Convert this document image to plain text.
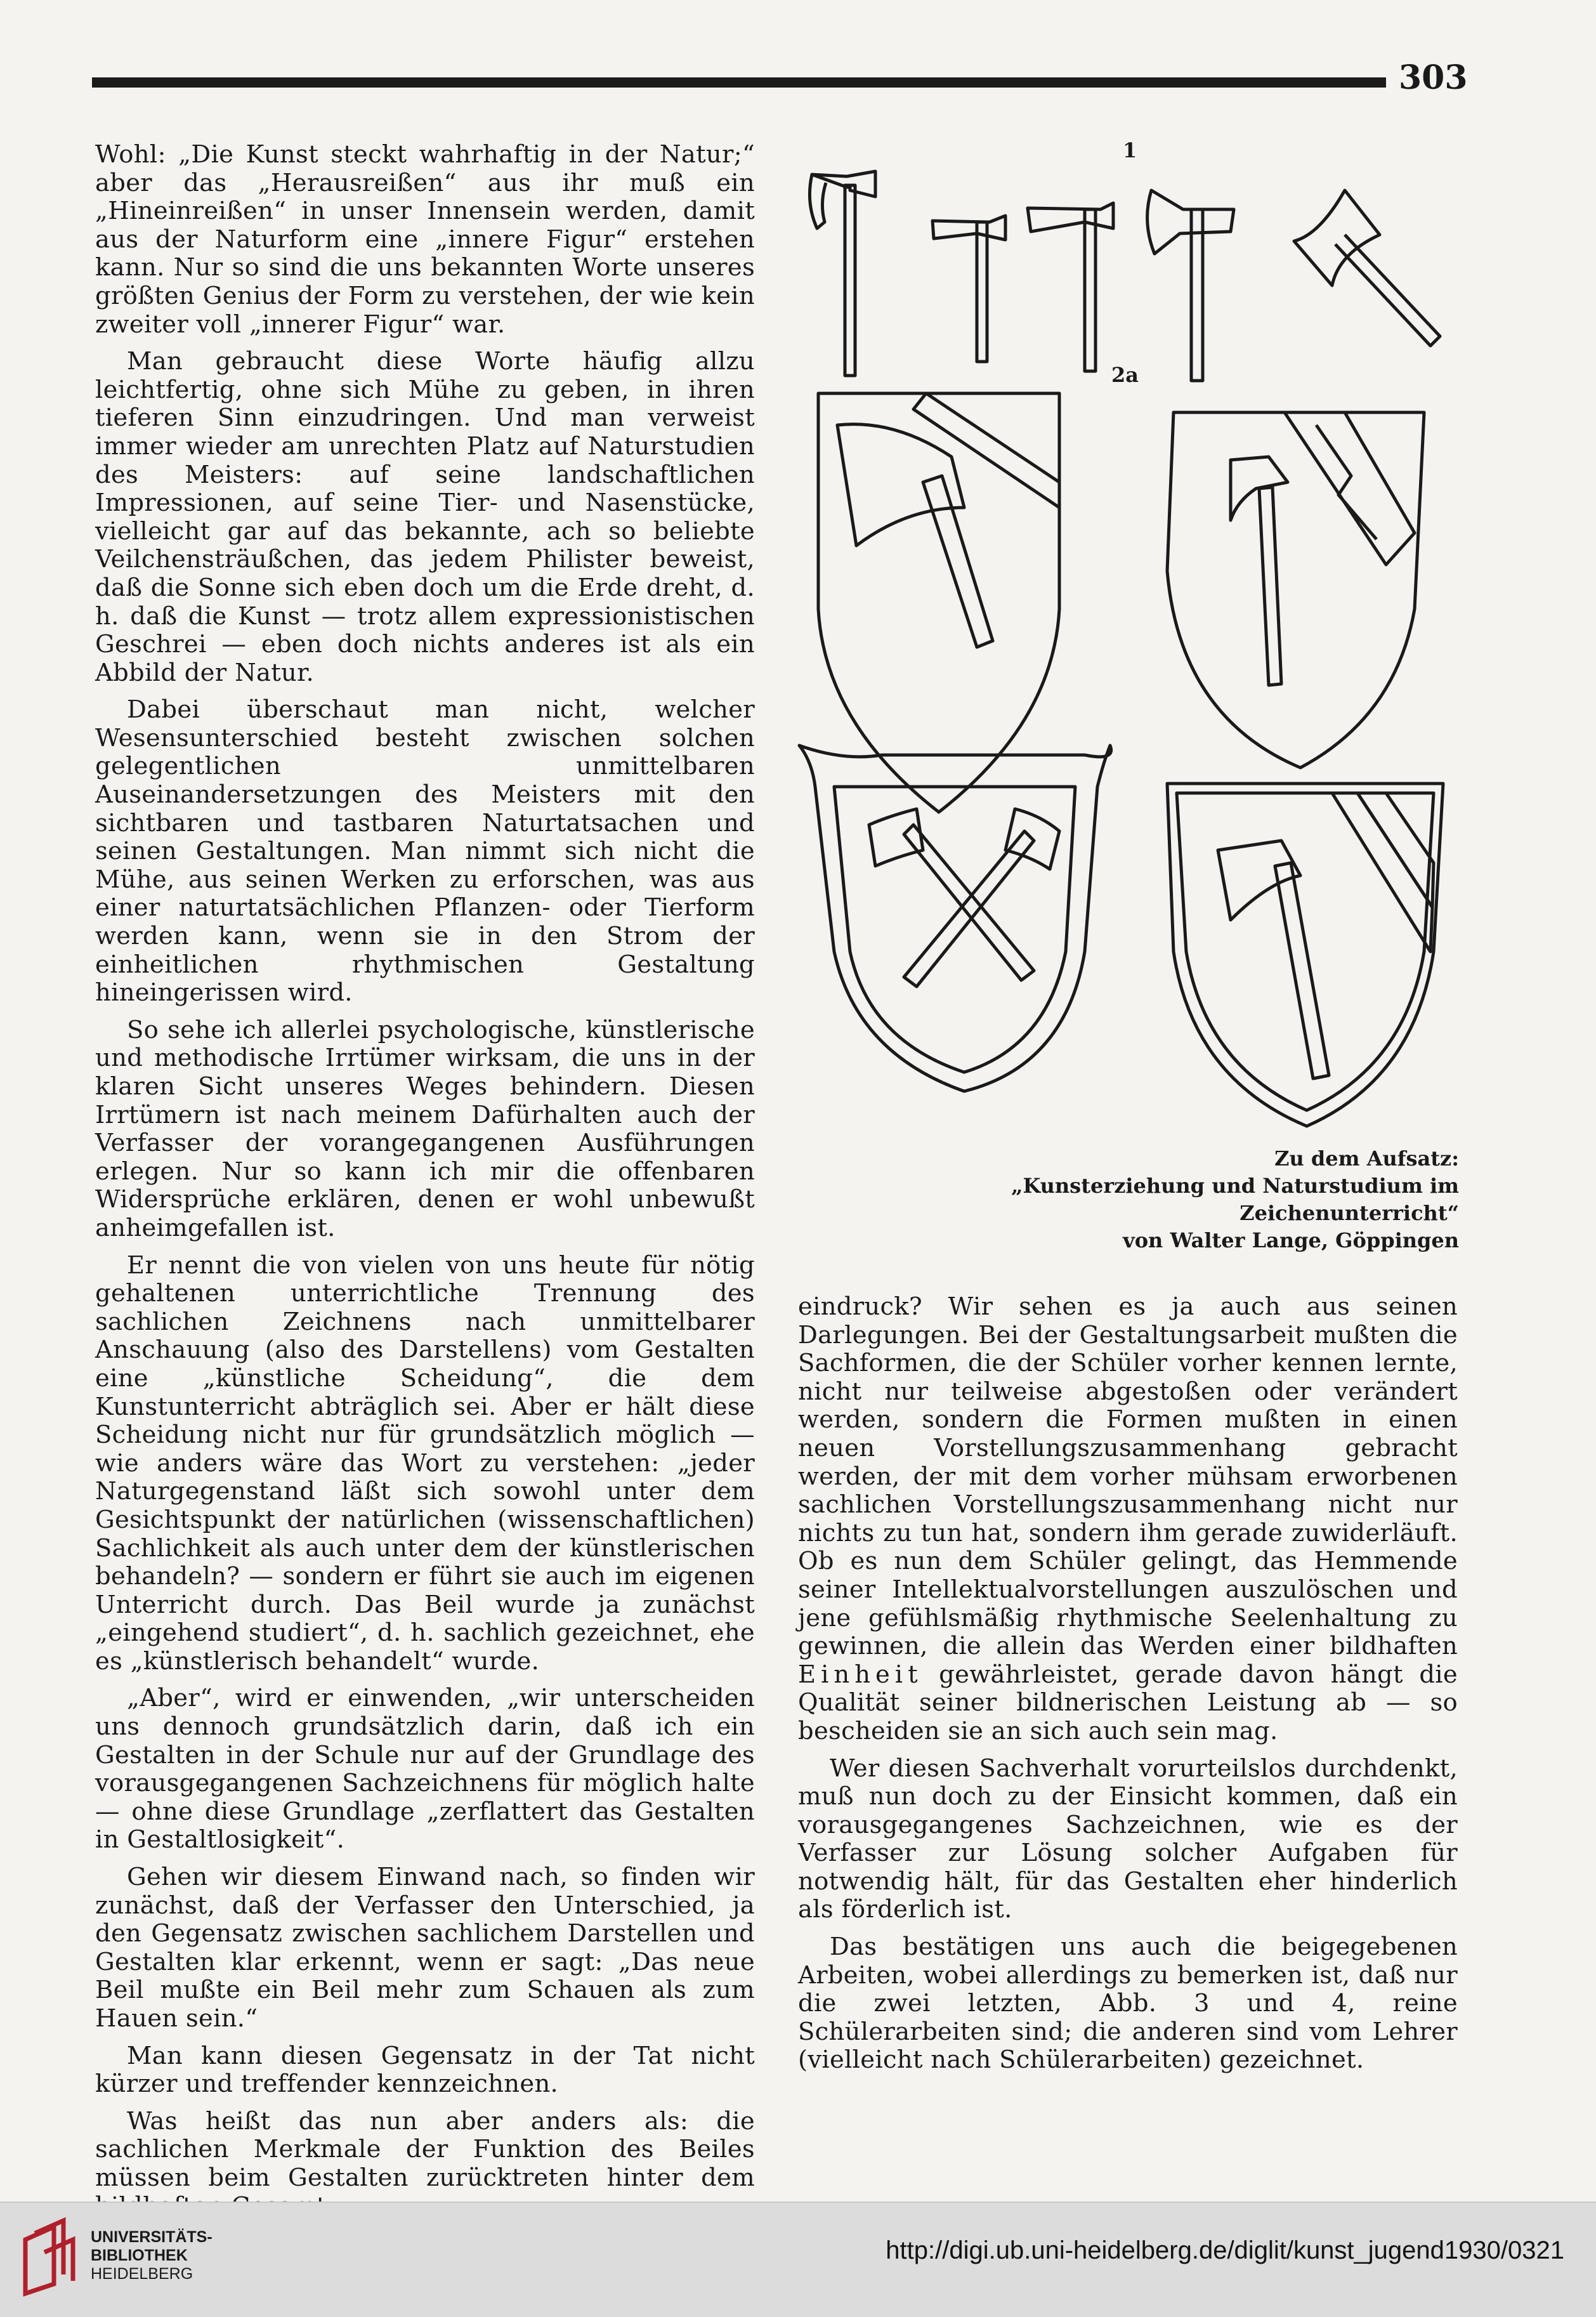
303

Wohl: „Die Kunst steckt wahrhaftig in der Natur;“ aber das „Herausreißen“ aus ihr muß ein „Hineinreißen“ in unser Innensein werden, damit aus der Naturform eine „innere Figur“ erstehen kann. Nur so sind die uns bekannten Worte unseres größten Genius der Form zu verstehen, der wie kein zweiter voll „innerer Figur“ war.

Man gebraucht diese Worte häufig allzu leichtfertig, ohne sich Mühe zu geben, in ihren tieferen Sinn einzudringen. Und man verweist immer wieder am unrechten Platz auf Naturstudien des Meisters: auf seine landschaftlichen Impressionen, auf seine Tier- und Nasenstücke, vielleicht gar auf das bekannte, ach so beliebte Veilchensträußchen, das jedem Philister beweist, daß die Sonne sich eben doch um die Erde dreht, d. h. daß die Kunst — trotz allem expressionistischen Geschrei — eben doch nichts anderes ist als ein Abbild der Natur.

Dabei überschaut man nicht, welcher Wesensunterschied besteht zwischen solchen gelegentlichen unmittelbaren Auseinandersetzungen des Meisters mit den sichtbaren und tastbaren Naturtatsachen und seinen Gestaltungen. Man nimmt sich nicht die Mühe, aus seinen Werken zu erforschen, was aus einer naturtatsächlichen Pflanzen- oder Tierform werden kann, wenn sie in den Strom der einheitlichen rhythmischen Gestaltung hineingerissen wird.

So sehe ich allerlei psychologische, künstlerische und methodische Irrtümer wirksam, die uns in der klaren Sicht unseres Weges behindern. Diesen Irrtümern ist nach meinem Dafürhalten auch der Verfasser der vorangegangenen Ausführungen erlegen. Nur so kann ich mir die offenbaren Widersprüche erklären, denen er wohl unbewußt anheimgefallen ist.

Er nennt die von vielen von uns heute für nötig gehaltenen unterrichtliche Trennung des sachlichen Zeichnens nach unmittelbarer Anschauung (also des Darstellens) vom Gestalten eine „künstliche Scheidung“, die dem Kunstunterricht abträglich sei. Aber er hält diese Scheidung nicht nur für grundsätzlich möglich — wie anders wäre das Wort zu verstehen: „jeder Naturgegenstand läßt sich sowohl unter dem Gesichtspunkt der natürlichen (wissenschaftlichen) Sachlichkeit als auch unter dem der künstlerischen behandeln? — sondern er führt sie auch im eigenen Unterricht durch. Das Beil wurde ja zunächst „eingehend studiert“, d. h. sachlich gezeichnet, ehe es „künstlerisch behandelt“ wurde.

„Aber“, wird er einwenden, „wir unterscheiden uns dennoch grundsätzlich darin, daß ich ein Gestalten in der Schule nur auf der Grundlage des vorausgegangenen Sachzeichnens für möglich halte — ohne diese Grundlage „zerflattert das Gestalten in Gestaltlosigkeit“.

Gehen wir diesem Einwand nach, so finden wir zunächst, daß der Verfasser den Unterschied, ja den Gegensatz zwischen sachlichem Darstellen und Gestalten klar erkennt, wenn er sagt: „Das neue Beil mußte ein Beil mehr zum Schauen als zum Hauen sein.“

Man kann diesen Gegensatz in der Tat nicht kürzer und treffender kennzeichnen.

Was heißt das nun aber anders als: die sachlichen Merkmale der Funktion des Beiles müssen beim Gestalten zurücktreten hinter dem

1
2a
Zu dem Aufsatz:
„Kunsterziehung und Naturstudium im Zeichenunterricht“
von Walter Lange, Göppingen

eindruck? Wir sehen es ja auch aus seinen Darlegungen. Bei der Gestaltungsarbeit mußten die Sachformen, die der Schüler vorher kennen lernte, nicht nur teilweise abgestoßen oder verändert werden, sondern die Formen mußten in einen neuen Vorstellungszusammenhang gebracht werden, der mit dem vorher mühsam erworbenen sachlichen Vorstellungszusammenhang nicht nur nichts zu tun hat, sondern ihm gerade zuwiderläuft. Ob es nun dem Schüler gelingt, das Hemmende seiner Intellektualvorstellungen auszulöschen und jene gefühlsmäßig rhythmische Seelenhaltung zu gewinnen, die allein das Werden einer bildhaften Einheit gewährleistet, gerade davon hängt die Qualität seiner bildnerischen Leistung ab — so bescheiden sie an sich auch sein mag.

Wer diesen Sachverhalt vorurteilslos durchdenkt, muß nun doch zu der Einsicht kommen, daß ein vorausgegangenes Sachzeichnen, wie es der Verfasser zur Lösung solcher Aufgaben für notwendig hält, für das Gestalten eher hinderlich als förderlich ist.

Das bestätigen uns auch die beigegebenen Arbeiten, wobei allerdings zu bemerken ist, daß nur die zwei letzten, Abb. 3 und 4, reine Schülerarbeiten sind; die anderen sind vom Lehrer (vielleicht nach Schülerarbeiten) gezeichnet.

UNIVERSITÄTS-
BIBLIOTHEK
HEIDELBERG
http://digi.ub.uni-heidelberg.de/diglit/kunst_jugend1930/0321
